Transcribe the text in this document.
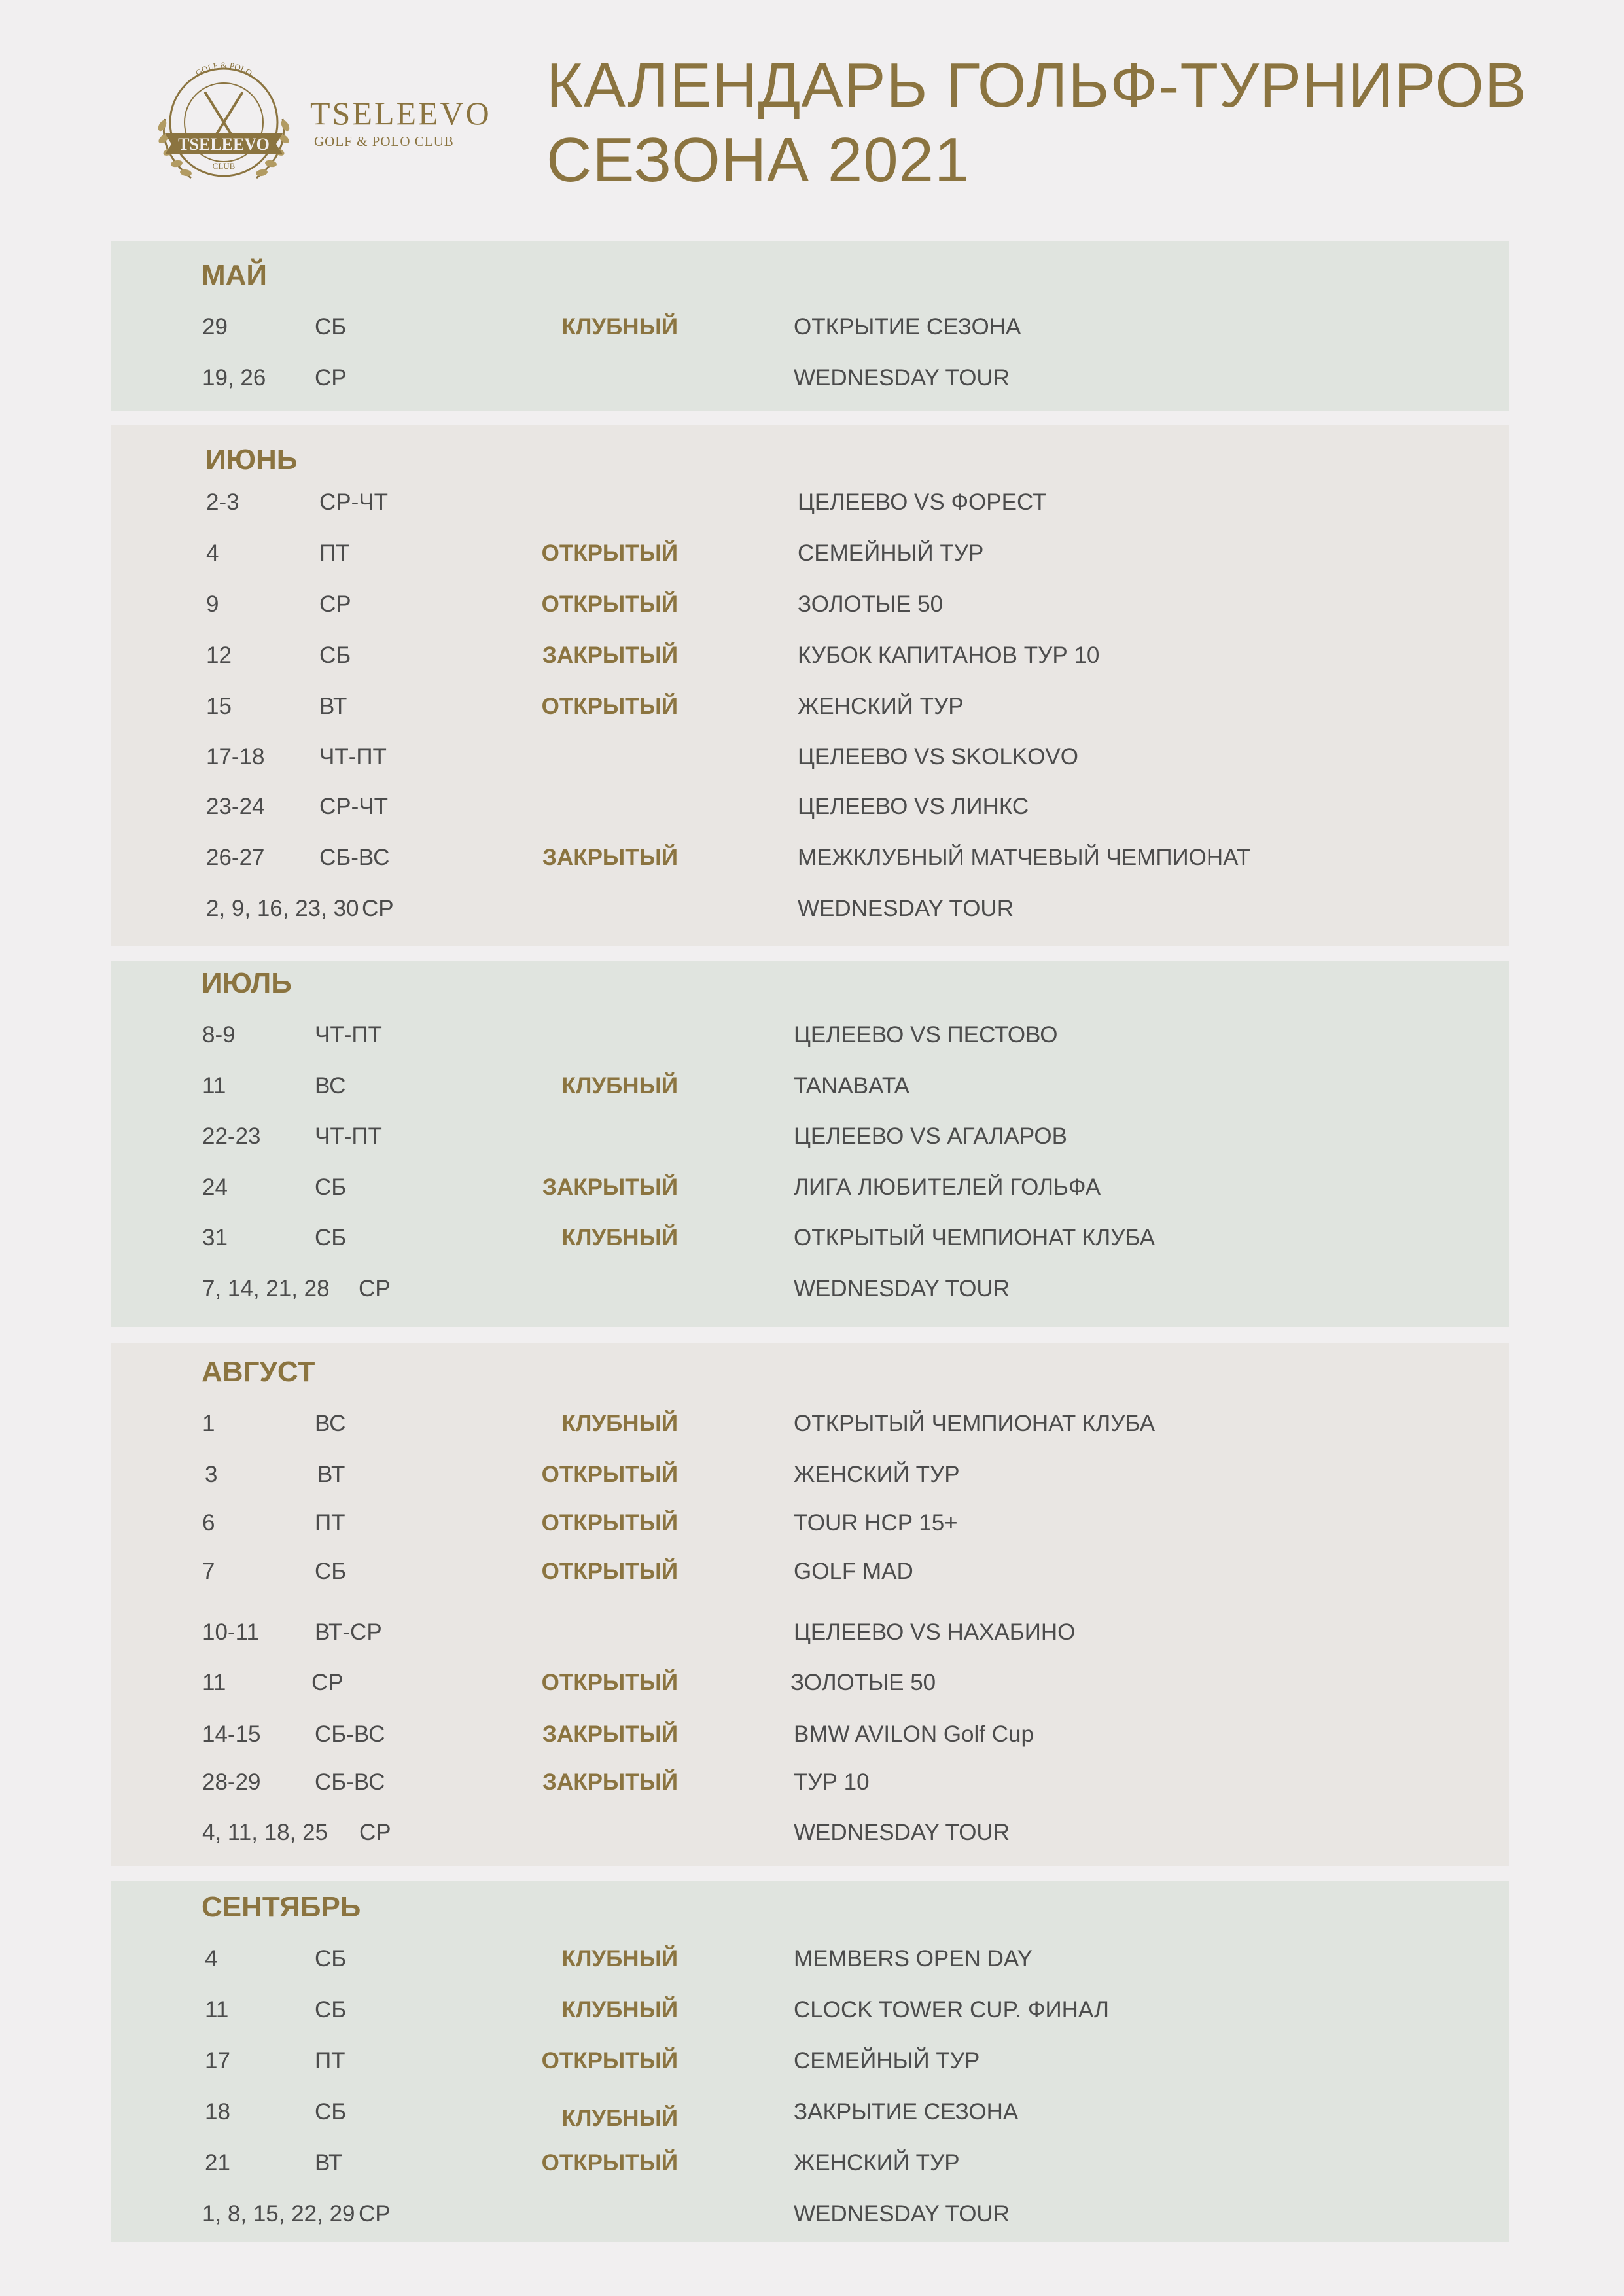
TSELEEVO
GOLF & POLO
CLUB
TSELEEVO
GOLF & POLO CLUB
КАЛЕНДАРЬ ГОЛЬФ-ТУРНИРОВ
СЕЗОНА 2021
МАЙ
29	СБ	КЛУБНЫЙ	ОТКРЫТИЕ СЕЗОНА
19, 26 СР	WEDNESDAY TOUR
ИЮНЬ
2-3	СР-ЧТ	ЦЕЛЕЕВО VS ФОРЕСТ
4	ПТ	ОТКРЫТЫЙ	СЕМЕЙНЫЙ ТУР
9	СР	ОТКРЫТЫЙ	ЗОЛОТЫЕ 50
12	СБ	ЗАКРЫТЫЙ	КУБОК КАПИТАНОВ ТУР 10
15	ВТ	ОТКРЫТЫЙ	ЖЕНСКИЙ ТУР
17-18 ЧТ-ПТ	ЦЕЛЕЕВО VS SKOLKOVO
23-24 СР-ЧТ	ЦЕЛЕЕВО VS ЛИНКС
26-27 СБ-ВС	ЗАКРЫТЫЙ	МЕЖКЛУБНЫЙ МАТЧЕВЫЙ ЧЕМПИОНАТ
2, 9, 16, 23, 30 СР	WEDNESDAY TOUR
ИЮЛЬ
8-9	ЧТ-ПТ	ЦЕЛЕЕВО VS ПЕСТОВО
11	ВС	КЛУБНЫЙ	TANABATA
22-23 ЧТ-ПТ	ЦЕЛЕЕВО VS АГАЛАРОВ
24	СБ	ЗАКРЫТЫЙ	ЛИГА ЛЮБИТЕЛЕЙ ГОЛЬФА
31	СБ	КЛУБНЫЙ	ОТКРЫТЫЙ ЧЕМПИОНАТ КЛУБА
7, 14, 21, 28 СР	WEDNESDAY TOUR
АВГУСТ
1	ВС	КЛУБНЫЙ	ОТКРЫТЫЙ ЧЕМПИОНАТ КЛУБА
3	ВТ	ОТКРЫТЫЙ	ЖЕНСКИЙ ТУР
6	ПТ	ОТКРЫТЫЙ	TOUR HCP 15+
7	СБ	ОТКРЫТЫЙ	GOLF MAD
10-11 ВТ-СР	ЦЕЛЕЕВО VS НАХАБИНО
11	СР	ОТКРЫТЫЙ	ЗОЛОТЫЕ 50
14-15 СБ-ВС	ЗАКРЫТЫЙ	BMW AVILON Golf Cup
28-29 СБ-ВС	ЗАКРЫТЫЙ	ТУР 10
4, 11, 18, 25 СР	WEDNESDAY TOUR
СЕНТЯБРЬ
4	СБ	КЛУБНЫЙ	MEMBERS OPEN DAY
11	СБ	КЛУБНЫЙ	CLOCK TOWER CUP. ФИНАЛ
17	ПТ	ОТКРЫТЫЙ	СЕМЕЙНЫЙ ТУР
18	СБ	КЛУБНЫЙ	ЗАКРЫТИЕ СЕЗОНА
21	ВТ	ОТКРЫТЫЙ	ЖЕНСКИЙ ТУР
1, 8, 15, 22, 29 СР	WEDNESDAY TOUR
